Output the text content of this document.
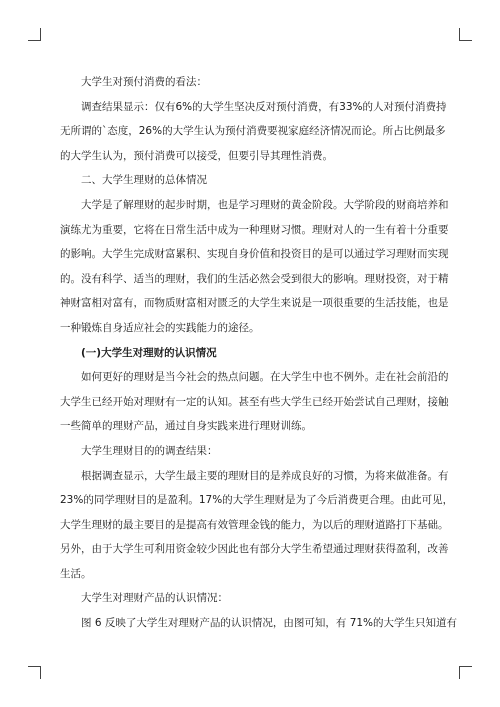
大学生对预付消费的看法：
调查结果显示：仅有6%的大学生坚决反对预付消费，有33%的人对预付消费持
无所谓的`态度，26%的大学生认为预付消费要视家庭经济情况而论。所占比例最多
的大学生认为，预付消费可以接受，但要引导其理性消费。
二、大学生理财的总体情况
大学是了解理财的起步时期，也是学习理财的黄金阶段。大学阶段的财商培养和
演练尤为重要，它将在日常生活中成为一种理财习惯。理财对人的一生有着十分重要
的影响。大学生完成财富累积、实现自身价值和投资目的是可以通过学习理财而实现
的。没有科学、适当的理财，我们的生活必然会受到很大的影响。理财投资，对于精
神财富相对富有，而物质财富相对匮乏的大学生来说是一项很重要的生活技能，也是
一种锻炼自身适应社会的实践能力的途径。
(一)大学生对理财的认识情况
如何更好的理财是当今社会的热点问题。在大学生中也不例外。走在社会前沿的
大学生已经开始对理财有一定的认知。甚至有些大学生已经开始尝试自己理财，接触
一些简单的理财产品，通过自身实践来进行理财训练。
大学生理财目的的调查结果：
根据调查显示，大学生最主要的理财目的是养成良好的习惯，为将来做准备。有
23%的同学理财目的是盈利。17%的大学生理财是为了今后消费更合理。由此可见，
大学生理财的最主要目的是提高有效管理金钱的能力，为以后的理财道路打下基础。
另外，由于大学生可利用资金较少因此也有部分大学生希望通过理财获得盈利，改善
生活。
大学生对理财产品的认识情况：
图 6 反映了大学生对理财产品的认识情况，由图可知，有 71%的大学生只知道有
